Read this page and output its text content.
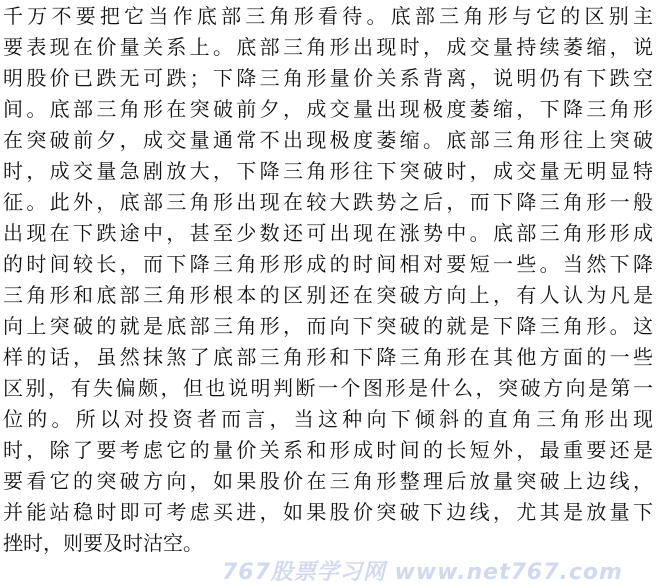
千万不要把它当作底部三角形看待。底部三角形与它的区别主
要表现在价量关系上。底部三角形出现时，成交量持续萎缩，说
明股价已跌无可跌；下降三角形量价关系背离，说明仍有下跌空
间。底部三角形在突破前夕，成交量出现极度萎缩，下降三角形
在突破前夕，成交量通常不出现极度萎缩。底部三角形往上突破
时，成交量急剧放大，下降三角形往下突破时，成交量无明显特
征。此外，底部三角形出现在较大跌势之后，而下降三角形一般
出现在下跌途中，甚至少数还可出现在涨势中。底部三角形形成
的时间较长，而下降三角形形成的时间相对要短一些。当然下降
三角形和底部三角形根本的区别还在突破方向上，有人认为凡是
向上突破的就是底部三角形，而向下突破的就是下降三角形。这
样的话，虽然抹煞了底部三角形和下降三角形在其他方面的一些
区别，有失偏颇，但也说明判断一个图形是什么，突破方向是第一
位的。所以对投资者而言，当这种向下倾斜的直角三角形出现
时，除了要考虑它的量价关系和形成时间的长短外，最重要还是
要看它的突破方向，如果股价在三角形整理后放量突破上边线，
并能站稳时即可考虑买进，如果股价突破下边线，尤其是放量下
挫时，则要及时沽空。
767股票学习网 www.net767.com
